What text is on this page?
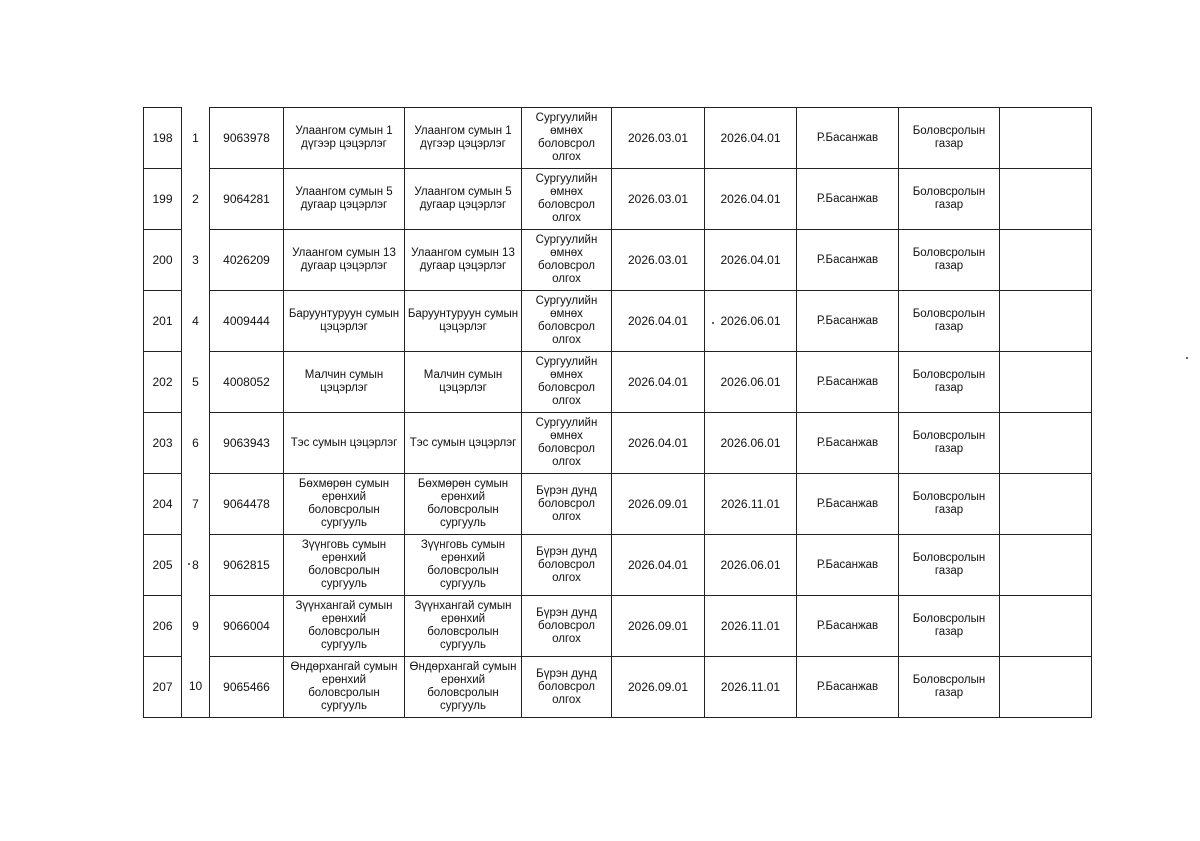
198	1	9063978	Улаангом сумын 1 дүгээр цэцэрлэг	Улаангом сумын 1 дүгээр цэцэрлэг	Сургуулийн өмнөх боловсрол олгох	2026.03.01	2026.04.01	Р.Басанжав	Боловсролын газар	
199	2	9064281	Улаангом сумын 5 дугаар цэцэрлэг	Улаангом сумын 5 дугаар цэцэрлэг	Сургуулийн өмнөх боловсрол олгох	2026.03.01	2026.04.01	Р.Басанжав	Боловсролын газар	
200	3	4026209	Улаангом сумын 13 дугаар цэцэрлэг	Улаангом сумын 13 дугаар цэцэрлэг	Сургуулийн өмнөх боловсрол олгох	2026.03.01	2026.04.01	Р.Басанжав	Боловсролын газар	
201	4	4009444	Баруунтуруун сумын цэцэрлэг	Баруунтуруун сумын цэцэрлэг	Сургуулийн өмнөх боловсрол олгох	2026.04.01	2026.06.01	Р.Басанжав	Боловсролын газар	
202	5	4008052	Малчин сумын цэцэрлэг	Малчин сумын цэцэрлэг	Сургуулийн өмнөх боловсрол олгох	2026.04.01	2026.06.01	Р.Басанжав	Боловсролын газар	
203	6	9063943	Тэс сумын цэцэрлэг	Тэс сумын цэцэрлэг	Сургуулийн өмнөх боловсрол олгох	2026.04.01	2026.06.01	Р.Басанжав	Боловсролын газар	
204	7	9064478	Бөхмөрөн сумын ерөнхий боловсролын сургууль	Бөхмөрөн сумын ерөнхий боловсролын сургууль	Бүрэн дунд боловсрол олгох	2026.09.01	2026.11.01	Р.Басанжав	Боловсролын газар	
205	8	9062815	Зүүнговь сумын ерөнхий боловсролын сургууль	Зүүнговь сумын ерөнхий боловсролын сургууль	Бүрэн дунд боловсрол олгох	2026.04.01	2026.06.01	Р.Басанжав	Боловсролын газар	
206	9	9066004	Зүүнхангай сумын ерөнхий боловсролын сургууль	Зүүнхангай сумын ерөнхий боловсролын сургууль	Бүрэн дунд боловсрол олгох	2026.09.01	2026.11.01	Р.Басанжав	Боловсролын газар	
207	10	9065466	Өндөрхангай сумын ерөнхий боловсролын сургууль	Өндөрхангай сумын ерөнхий боловсролын сургууль	Бүрэн дунд боловсрол олгох	2026.09.01	2026.11.01	Р.Басанжав	Боловсролын газар	
